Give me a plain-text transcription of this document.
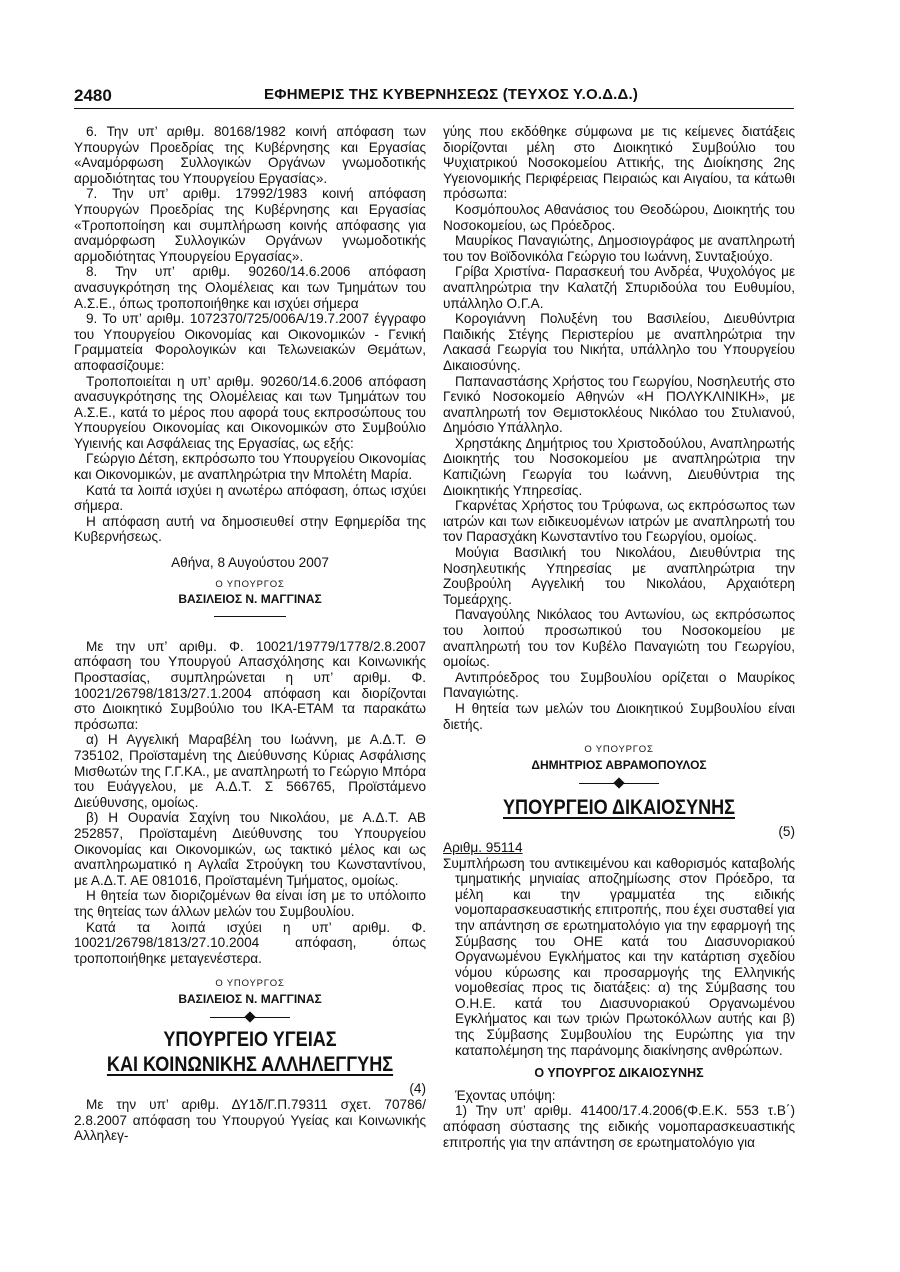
2480	ΕΦΗΜΕΡΙΣ ΤΗΣ ΚΥΒΕΡΝΗΣΕΩΣ (ΤΕΥΧΟΣ Υ.Ο.Δ.Δ.)

6. Την υπ’ αριθμ. 80168/1982 κοινή απόφαση των Υπουργών Προεδρίας της Κυβέρνησης και Εργασίας «Αναμόρφωση Συλλογικών Οργάνων γνωμοδοτικής αρμοδιότητας του Υπουργείου Εργασίας».

7. Την υπ’ αριθμ. 17992/1983 κοινή απόφαση Υπουργών Προεδρίας της Κυβέρνησης και Εργασίας «Τροποποίηση και συμπλήρωση κοινής απόφασης για αναμόρφωση Συλλογικών Οργάνων γνωμοδοτικής αρμοδιότητας Υπουργείου Εργασίας».

8. Την υπ’ αριθμ. 90260/14.6.2006 απόφαση ανασυγκρότηση της Ολομέλειας και των Τμημάτων του Α.Σ.Ε., όπως τροποποιήθηκε και ισχύει σήμερα

9. Το υπ’ αριθμ. 1072370/725/006Α/19.7.2007 έγγραφο του Υπουργείου Οικονομίας και Οικονομικών - Γενική Γραμματεία Φορολογικών και Τελωνειακών Θεμάτων, αποφασίζουμε:

Τροποποιείται η υπ’ αριθμ. 90260/14.6.2006 απόφαση ανασυγκρότησης της Ολομέλειας και των Τμημάτων του Α.Σ.Ε., κατά το μέρος που αφορά τους εκπροσώπους του Υπουργείου Οικονομίας και Οικονομικών στο Συμβούλιο Υγιεινής και Ασφάλειας της Εργασίας, ως εξής:

Γεώργιο Δέτση, εκπρόσωπο του Υπουργείου Οικονομίας και Οικονομικών, με αναπληρώτρια την Μπολέτη Μαρία.

Κατά τα λοιπά ισχύει η ανωτέρω απόφαση, όπως ισχύει σήμερα.

Η απόφαση αυτή να δημοσιευθεί στην Εφημερίδα της Κυβερνήσεως.

Αθήνα, 8 Αυγούστου 2007

Ο ΥΠΟΥΡΓΟΣ

ΒΑΣΙΛΕΙΟΣ Ν. ΜΑΓΓΙΝΑΣ

Με την υπ’ αριθμ. Φ. 10021/19779/1778/2.8.2007 απόφαση του Υπουργού Απασχόλησης και Κοινωνικής Προστασίας, συμπληρώνεται η υπ’ αριθμ. Φ. 10021/26798/1813/27.1.2004 απόφαση και διορίζονται στο Διοικητικό Συμβούλιο του ΙΚΑ-ΕΤΑΜ τα παρακάτω πρόσωπα:

α) Η Αγγελική Μαραβέλη του Ιωάννη, με Α.Δ.Τ. Θ 735102, Προϊσταμένη της Διεύθυνσης Κύριας Ασφάλισης Μισθωτών της Γ.Γ.ΚΑ., με αναπληρωτή το Γεώργιο Μπόρα του Ευάγγελου, με Α.Δ.Τ. Σ 566765, Προϊστάμενο Διεύθυνσης, ομοίως.

β) Η Ουρανία Σαχίνη του Νικολάου, με Α.Δ.Τ. ΑΒ 252857, Προϊσταμένη Διεύθυνσης του Υπουργείου Οικονομίας και Οικονομικών, ως τακτικό μέλος και ως αναπληρωματικό η Αγλαΐα Στρούγκη του Κωνσταντίνου, με Α.Δ.Τ. ΑΕ 081016, Προϊσταμένη Τμήματος, ομοίως.

Η θητεία των διοριζομένων θα είναι ίση με το υπόλοιπο της θητείας των άλλων μελών του Συμβουλίου.

Κατά τα λοιπά ισχύει η υπ’ αριθμ. Φ. 10021/26798/1813/27.10.2004 απόφαση, όπως τροποποιήθηκε μεταγενέστερα.

Ο ΥΠΟΥΡΓΟΣ

ΒΑΣΙΛΕΙΟΣ Ν. ΜΑΓΓΙΝΑΣ

ΥΠΟΥΡΓΕΙΟ ΥΓΕΙΑΣ
ΚΑΙ ΚΟΙΝΩΝΙΚΗΣ ΑΛΛΗΛΕΓΓΥΗΣ

(4)

Με την υπ’ αριθμ. ΔΥ1δ/Γ.Π.79311 σχετ. 70786/ 2.8.2007 απόφαση του Υπουργού Υγείας και Κοινωνικής Αλληλεγ-

γύης που εκδόθηκε σύμφωνα με τις κείμενες διατάξεις διορίζονται μέλη στο Διοικητικό Συμβούλιο του Ψυχιατρικού Νοσοκομείου Αττικής, της Διοίκησης 2ης Υγειονομικής Περιφέρειας Πειραιώς και Αιγαίου, τα κάτωθι πρόσωπα:

Κοσμόπουλος Αθανάσιος του Θεοδώρου, Διοικητής του Νοσοκομείου, ως Πρόεδρος.

Μαυρίκος Παναγιώτης, Δημοσιογράφος με αναπληρωτή του τον Βοϊδονικόλα Γεώργιο του Ιωάννη, Συνταξιούχο.

Γρίβα Χριστίνα- Παρασκευή του Ανδρέα, Ψυχολόγος με αναπληρώτρια την Καλατζή Σπυριδούλα του Ευθυμίου, υπάλληλο Ο.Γ.Α.

Κορογιάννη Πολυξένη του Βασιλείου, Διευθύντρια Παιδικής Στέγης Περιστερίου με αναπληρώτρια την Λακασά Γεωργία του Νικήτα, υπάλληλο του Υπουργείου Δικαιοσύνης.

Παπαναστάσης Χρήστος του Γεωργίου, Νοσηλευτής στο Γενικό Νοσοκομείο Αθηνών «Η ΠΟΛΥΚΛΙΝΙΚΗ», με αναπληρωτή τον Θεμιστοκλέους Νικόλαο του Στυλιανού, Δημόσιο Υπάλληλο.

Χρηστάκης Δημήτριος του Χριστοδούλου, Αναπληρωτής Διοικητής του Νοσοκομείου με αναπληρώτρια την Καπιζιώνη Γεωργία του Ιωάννη, Διευθύντρια της Διοικητικής Υπηρεσίας.

Γκαρνέτας Χρήστος του Τρύφωνα, ως εκπρόσωπος των ιατρών και των ειδικευομένων ιατρών με αναπληρωτή του τον Παρασχάκη Κωνσταντίνο του Γεωργίου, ομοίως.

Μούγια Βασιλική του Νικολάου, Διευθύντρια της Νοσηλευτικής Υπηρεσίας με αναπληρώτρια την Ζουβρούλη Αγγελική του Νικολάου, Αρχαιότερη Τομεάρχης.

Παναγούλης Νικόλαος του Αντωνίου, ως εκπρόσωπος του λοιπού προσωπικού του Νοσοκομείου με αναπληρωτή του τον Κυβέλο Παναγιώτη του Γεωργίου, ομοίως.

Αντιπρόεδρος του Συμβουλίου ορίζεται ο Μαυρίκος Παναγιώτης.

Η θητεία των μελών του Διοικητικού Συμβουλίου είναι διετής.

Ο ΥΠΟΥΡΓΟΣ

ΔΗΜΗΤΡΙΟΣ ΑΒΡΑΜΟΠΟΥΛΟΣ

ΥΠΟΥΡΓΕΙΟ ΔΙΚΑΙΟΣΥΝΗΣ

(5)

Αριθμ. 95114

Συμπλήρωση του αντικειμένου και καθορισμός καταβολής τμηματικής μηνιαίας αποζημίωσης στον Πρόεδρο, τα μέλη και την γραμματέα της ειδικής νομοπαρασκευαστικής επιτροπής, που έχει συσταθεί για την απάντηση σε ερωτηματολόγιο για την εφαρμογή της Σύμβασης του ΟΗΕ κατά του Διασυνοριακού Οργανωμένου Εγκλήματος και την κατάρτιση σχεδίου νόμου κύρωσης και προσαρμογής της Ελληνικής νομοθεσίας προς τις διατάξεις: α) της Σύμβασης του Ο.Η.Ε. κατά του Διασυνοριακού Οργανωμένου Εγκλήματος και των τριών Πρωτοκόλλων αυτής και β) της Σύμβασης Συμβουλίου της Ευρώπης για την καταπολέμηση της παράνομης διακίνησης ανθρώπων.

Ο ΥΠΟΥΡΓΟΣ ΔΙΚΑΙΟΣΥΝΗΣ

Έχοντας υπόψη:

1) Την υπ’ αριθμ. 41400/17.4.2006(Φ.Ε.Κ. 553 τ.Β΄) απόφαση σύστασης της ειδικής νομοπαρασκευαστικής επιτροπής για την απάντηση σε ερωτηματολόγιο για
